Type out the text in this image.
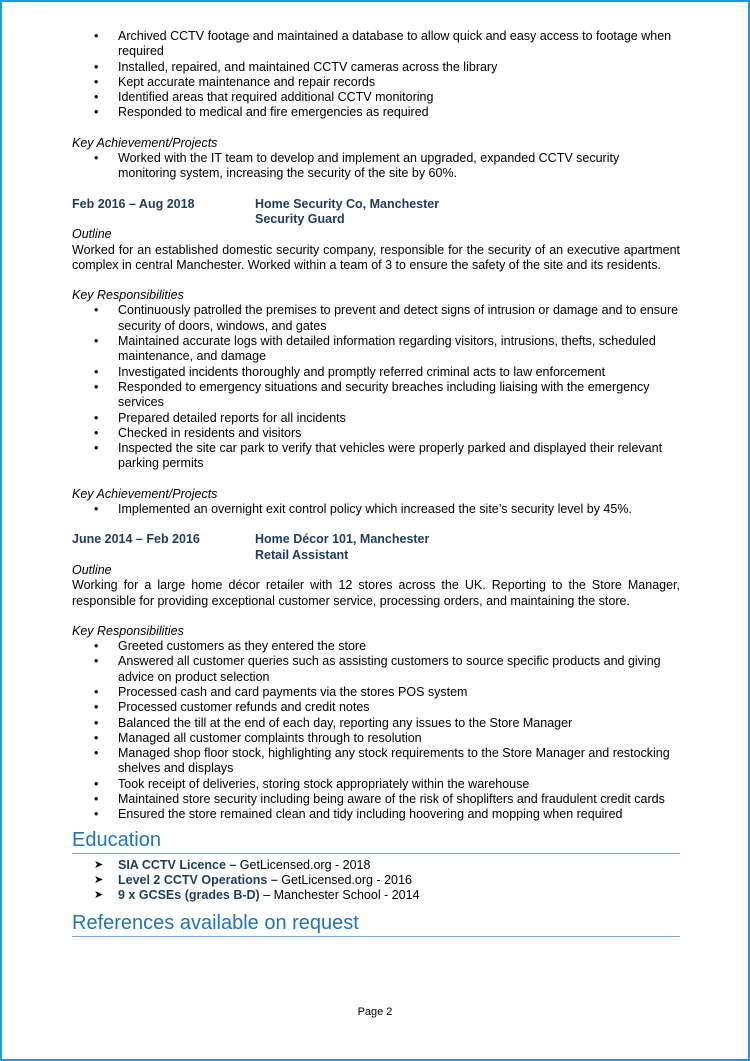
• Archived CCTV footage and maintained a database to allow quick and easy access to footage when required
• Installed, repaired, and maintained CCTV cameras across the library
• Kept accurate maintenance and repair records
• Identified areas that required additional CCTV monitoring
• Responded to medical and fire emergencies as required
Key Achievement/Projects
• Worked with the IT team to develop and implement an upgraded, expanded CCTV security monitoring system, increasing the security of the site by 60%.
Feb 2016 – Aug 2018	Home Security Co, Manchester
Security Guard
Outline
Worked for an established domestic security company, responsible for the security of an executive apartment complex in central Manchester. Worked within a team of 3 to ensure the safety of the site and its residents.
Key Responsibilities
• Continuously patrolled the premises to prevent and detect signs of intrusion or damage and to ensure security of doors, windows, and gates
• Maintained accurate logs with detailed information regarding visitors, intrusions, thefts, scheduled maintenance, and damage
• Investigated incidents thoroughly and promptly referred criminal acts to law enforcement
• Responded to emergency situations and security breaches including liaising with the emergency services
• Prepared detailed reports for all incidents
• Checked in residents and visitors
• Inspected the site car park to verify that vehicles were properly parked and displayed their relevant parking permits
Key Achievement/Projects
• Implemented an overnight exit control policy which increased the site’s security level by 45%.
June 2014 – Feb 2016	Home Décor 101, Manchester
Retail Assistant
Outline
Working for a large home décor retailer with 12 stores across the UK. Reporting to the Store Manager, responsible for providing exceptional customer service, processing orders, and maintaining the store.
Key Responsibilities
• Greeted customers as they entered the store
• Answered all customer queries such as assisting customers to source specific products and giving advice on product selection
• Processed cash and card payments via the stores POS system
• Processed customer refunds and credit notes
• Balanced the till at the end of each day, reporting any issues to the Store Manager
• Managed all customer complaints through to resolution
• Managed shop floor stock, highlighting any stock requirements to the Store Manager and restocking shelves and displays
• Took receipt of deliveries, storing stock appropriately within the warehouse
• Maintained store security including being aware of the risk of shoplifters and fraudulent credit cards
• Ensured the store remained clean and tidy including hoovering and mopping when required
Education
➤ SIA CCTV Licence – GetLicensed.org - 2018
➤ Level 2 CCTV Operations – GetLicensed.org - 2016
➤ 9 x GCSEs (grades B-D) – Manchester School - 2014
References available on request
Page 2
